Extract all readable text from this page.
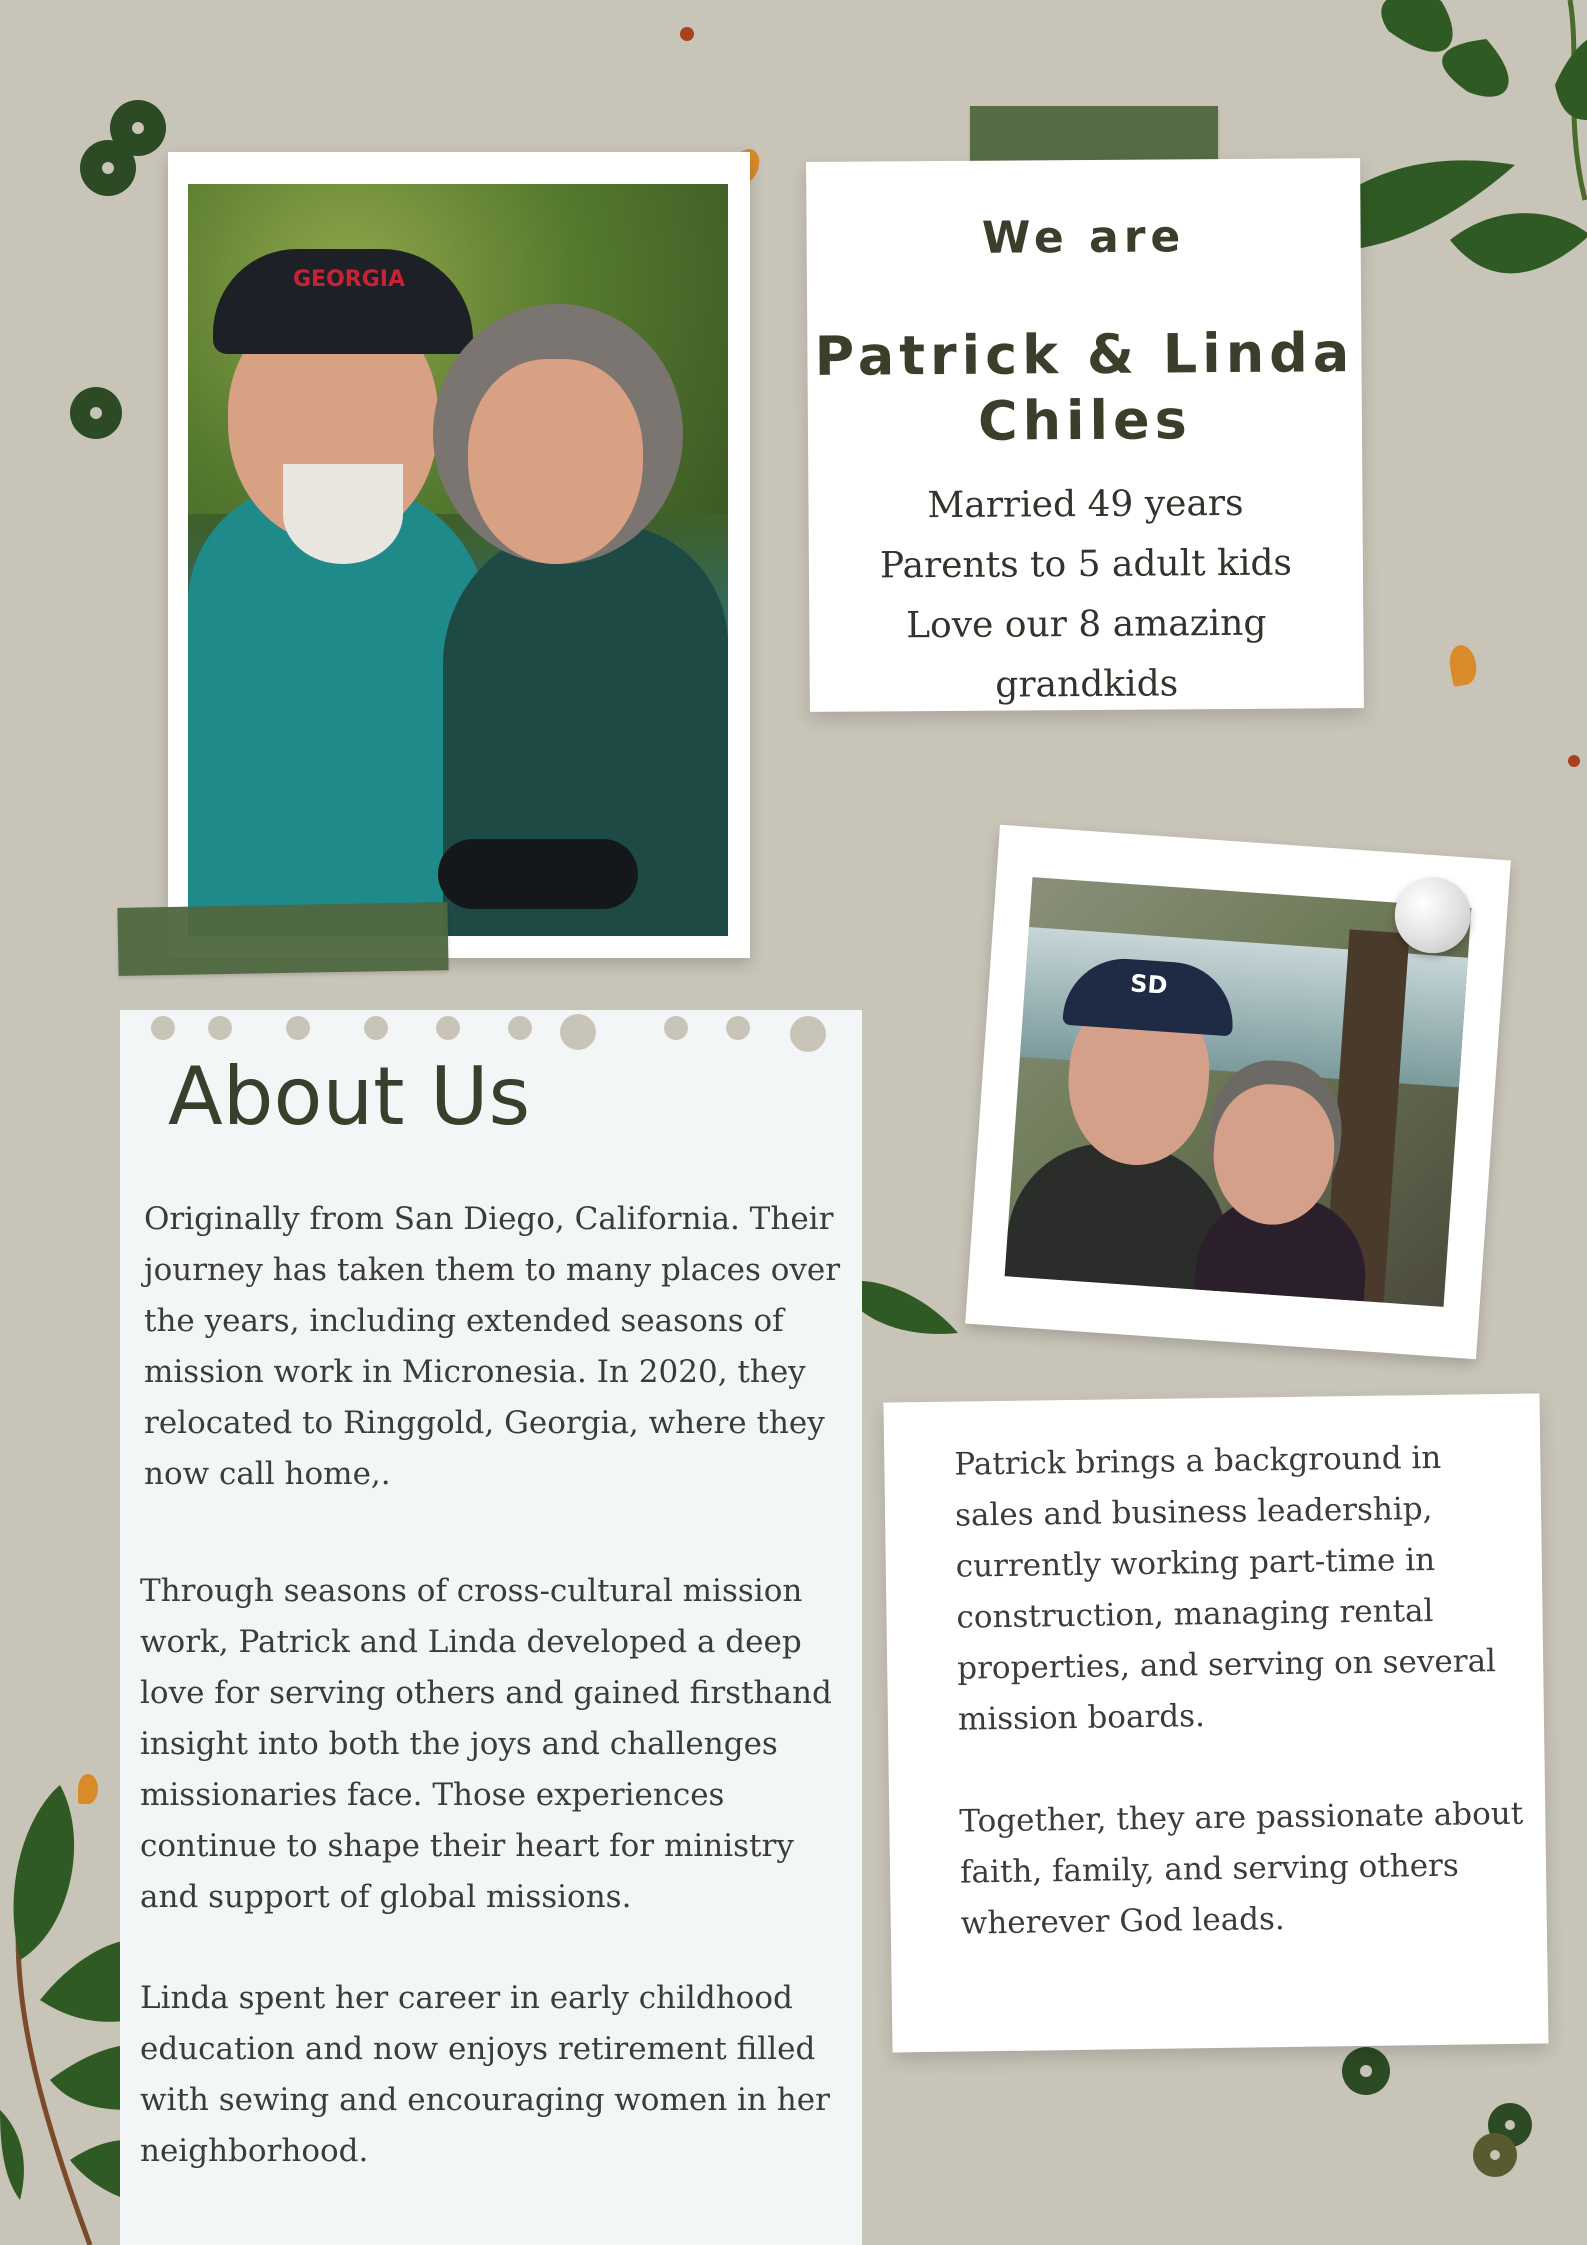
GEORGIA
We are
Patrick & Linda
Chiles
Married 49 years
Parents to 5 adult kids
Love our 8 amazing grandkids
SD
About Us
Originally from San Diego, California. Their
journey has taken them to many places over
the years, including extended seasons of
mission work in Micronesia. In 2020, they
relocated to Ringgold, Georgia, where they
now call home,.
Through seasons of cross-cultural mission
work, Patrick and Linda developed a deep
love for serving others and gained firsthand
insight into both the joys and challenges
missionaries face. Those experiences
continue to shape their heart for ministry
and support of global missions.
Linda spent her career in early childhood
education and now enjoys retirement filled
with sewing and encouraging women in her
neighborhood.
Patrick brings a background in
sales and business leadership,
currently working part-time in
construction, managing rental
properties, and serving on several
mission boards.
Together, they are passionate about
faith, family, and serving others
wherever God leads.
